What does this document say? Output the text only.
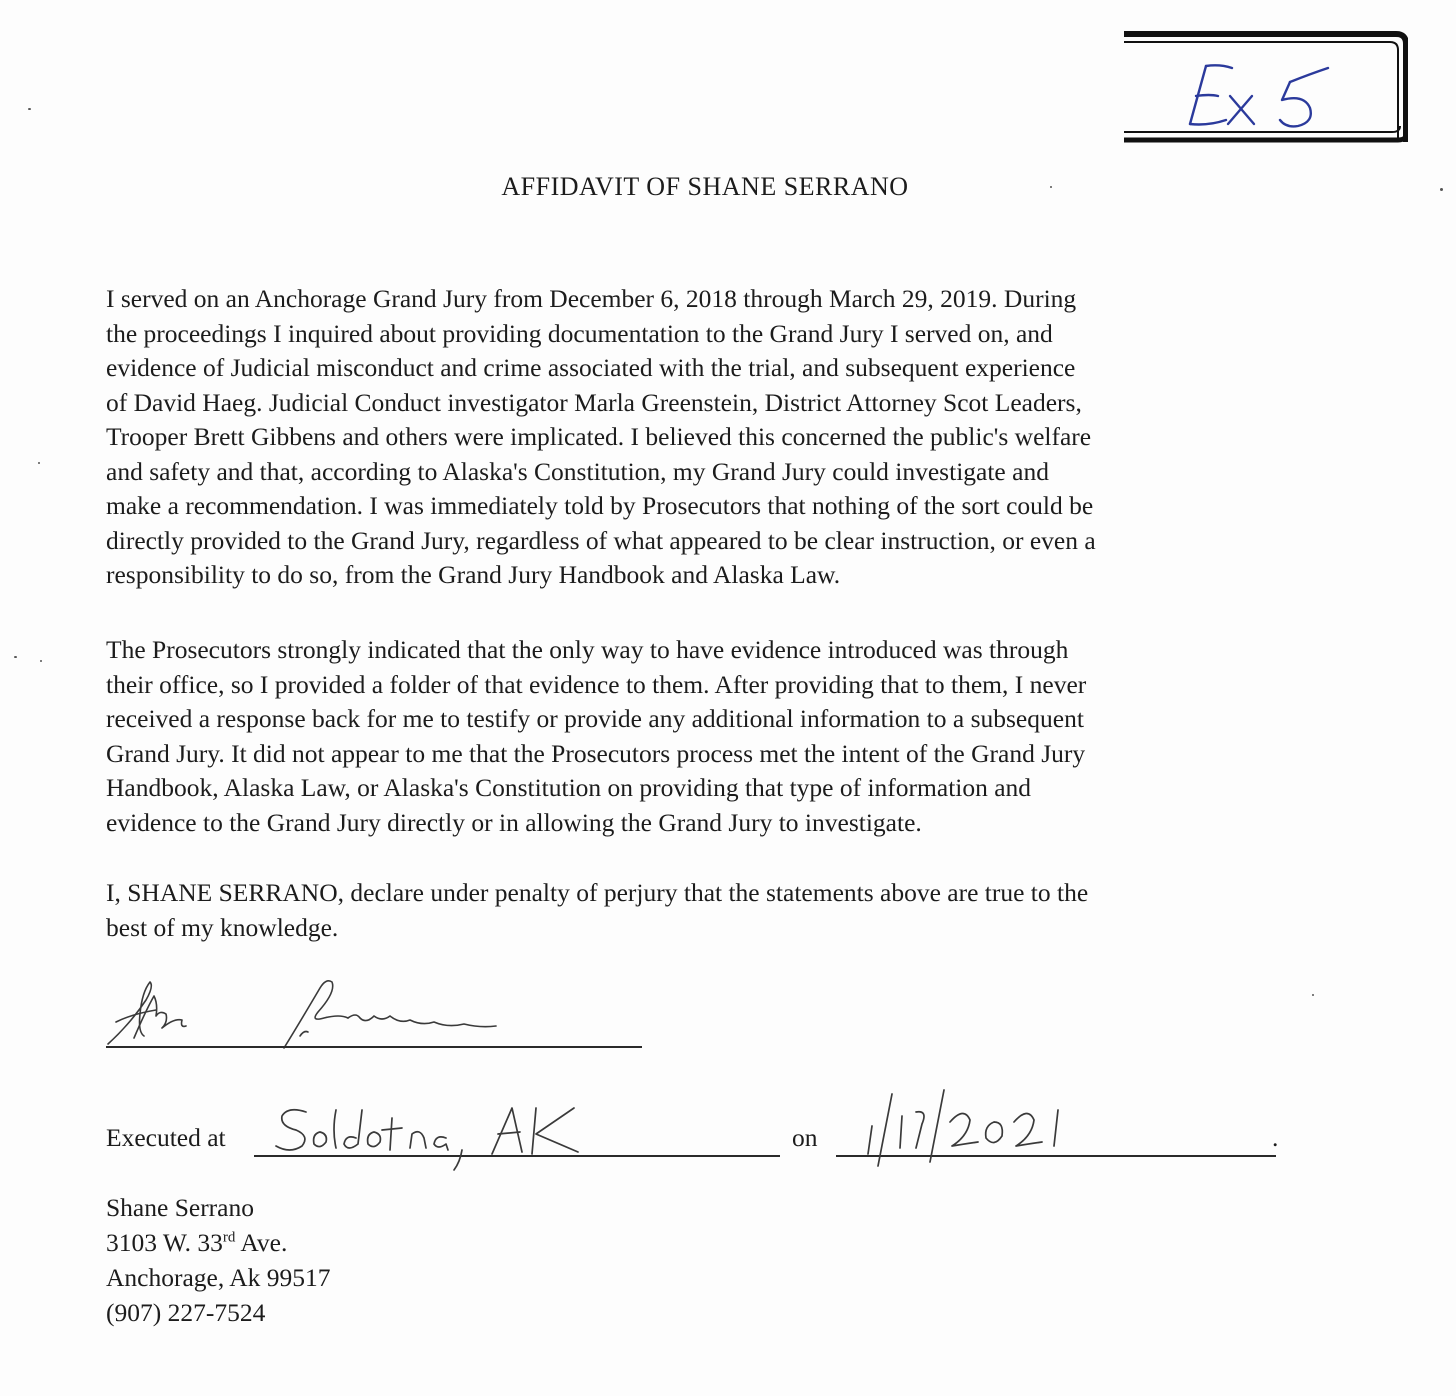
AFFIDAVIT OF SHANE SERRANO
I served on an Anchorage Grand Jury from December 6, 2018 through March 29, 2019. During
the proceedings I inquired about providing documentation to the Grand Jury I served on, and
evidence of Judicial misconduct and crime associated with the trial, and subsequent experience
of David Haeg. Judicial Conduct investigator Marla Greenstein, District Attorney Scot Leaders,
Trooper Brett Gibbens and others were implicated. I believed this concerned the public's welfare
and safety and that, according to Alaska's Constitution, my Grand Jury could investigate and
make a recommendation. I was immediately told by Prosecutors that nothing of the sort could be
directly provided to the Grand Jury, regardless of what appeared to be clear instruction, or even a
responsibility to do so, from the Grand Jury Handbook and Alaska Law.
The Prosecutors strongly indicated that the only way to have evidence introduced was through
their office, so I provided a folder of that evidence to them. After providing that to them, I never
received a response back for me to testify or provide any additional information to a subsequent
Grand Jury. It did not appear to me that the Prosecutors process met the intent of the Grand Jury
Handbook, Alaska Law, or Alaska's Constitution on providing that type of information and
evidence to the Grand Jury directly or in allowing the Grand Jury to investigate.
I, SHANE SERRANO, declare under penalty of perjury that the statements above are true to the
best of my knowledge.
Executed at	on	.
Shane Serrano
3103 W. 33rd Ave.
Anchorage, Ak 99517
(907) 227-7524
